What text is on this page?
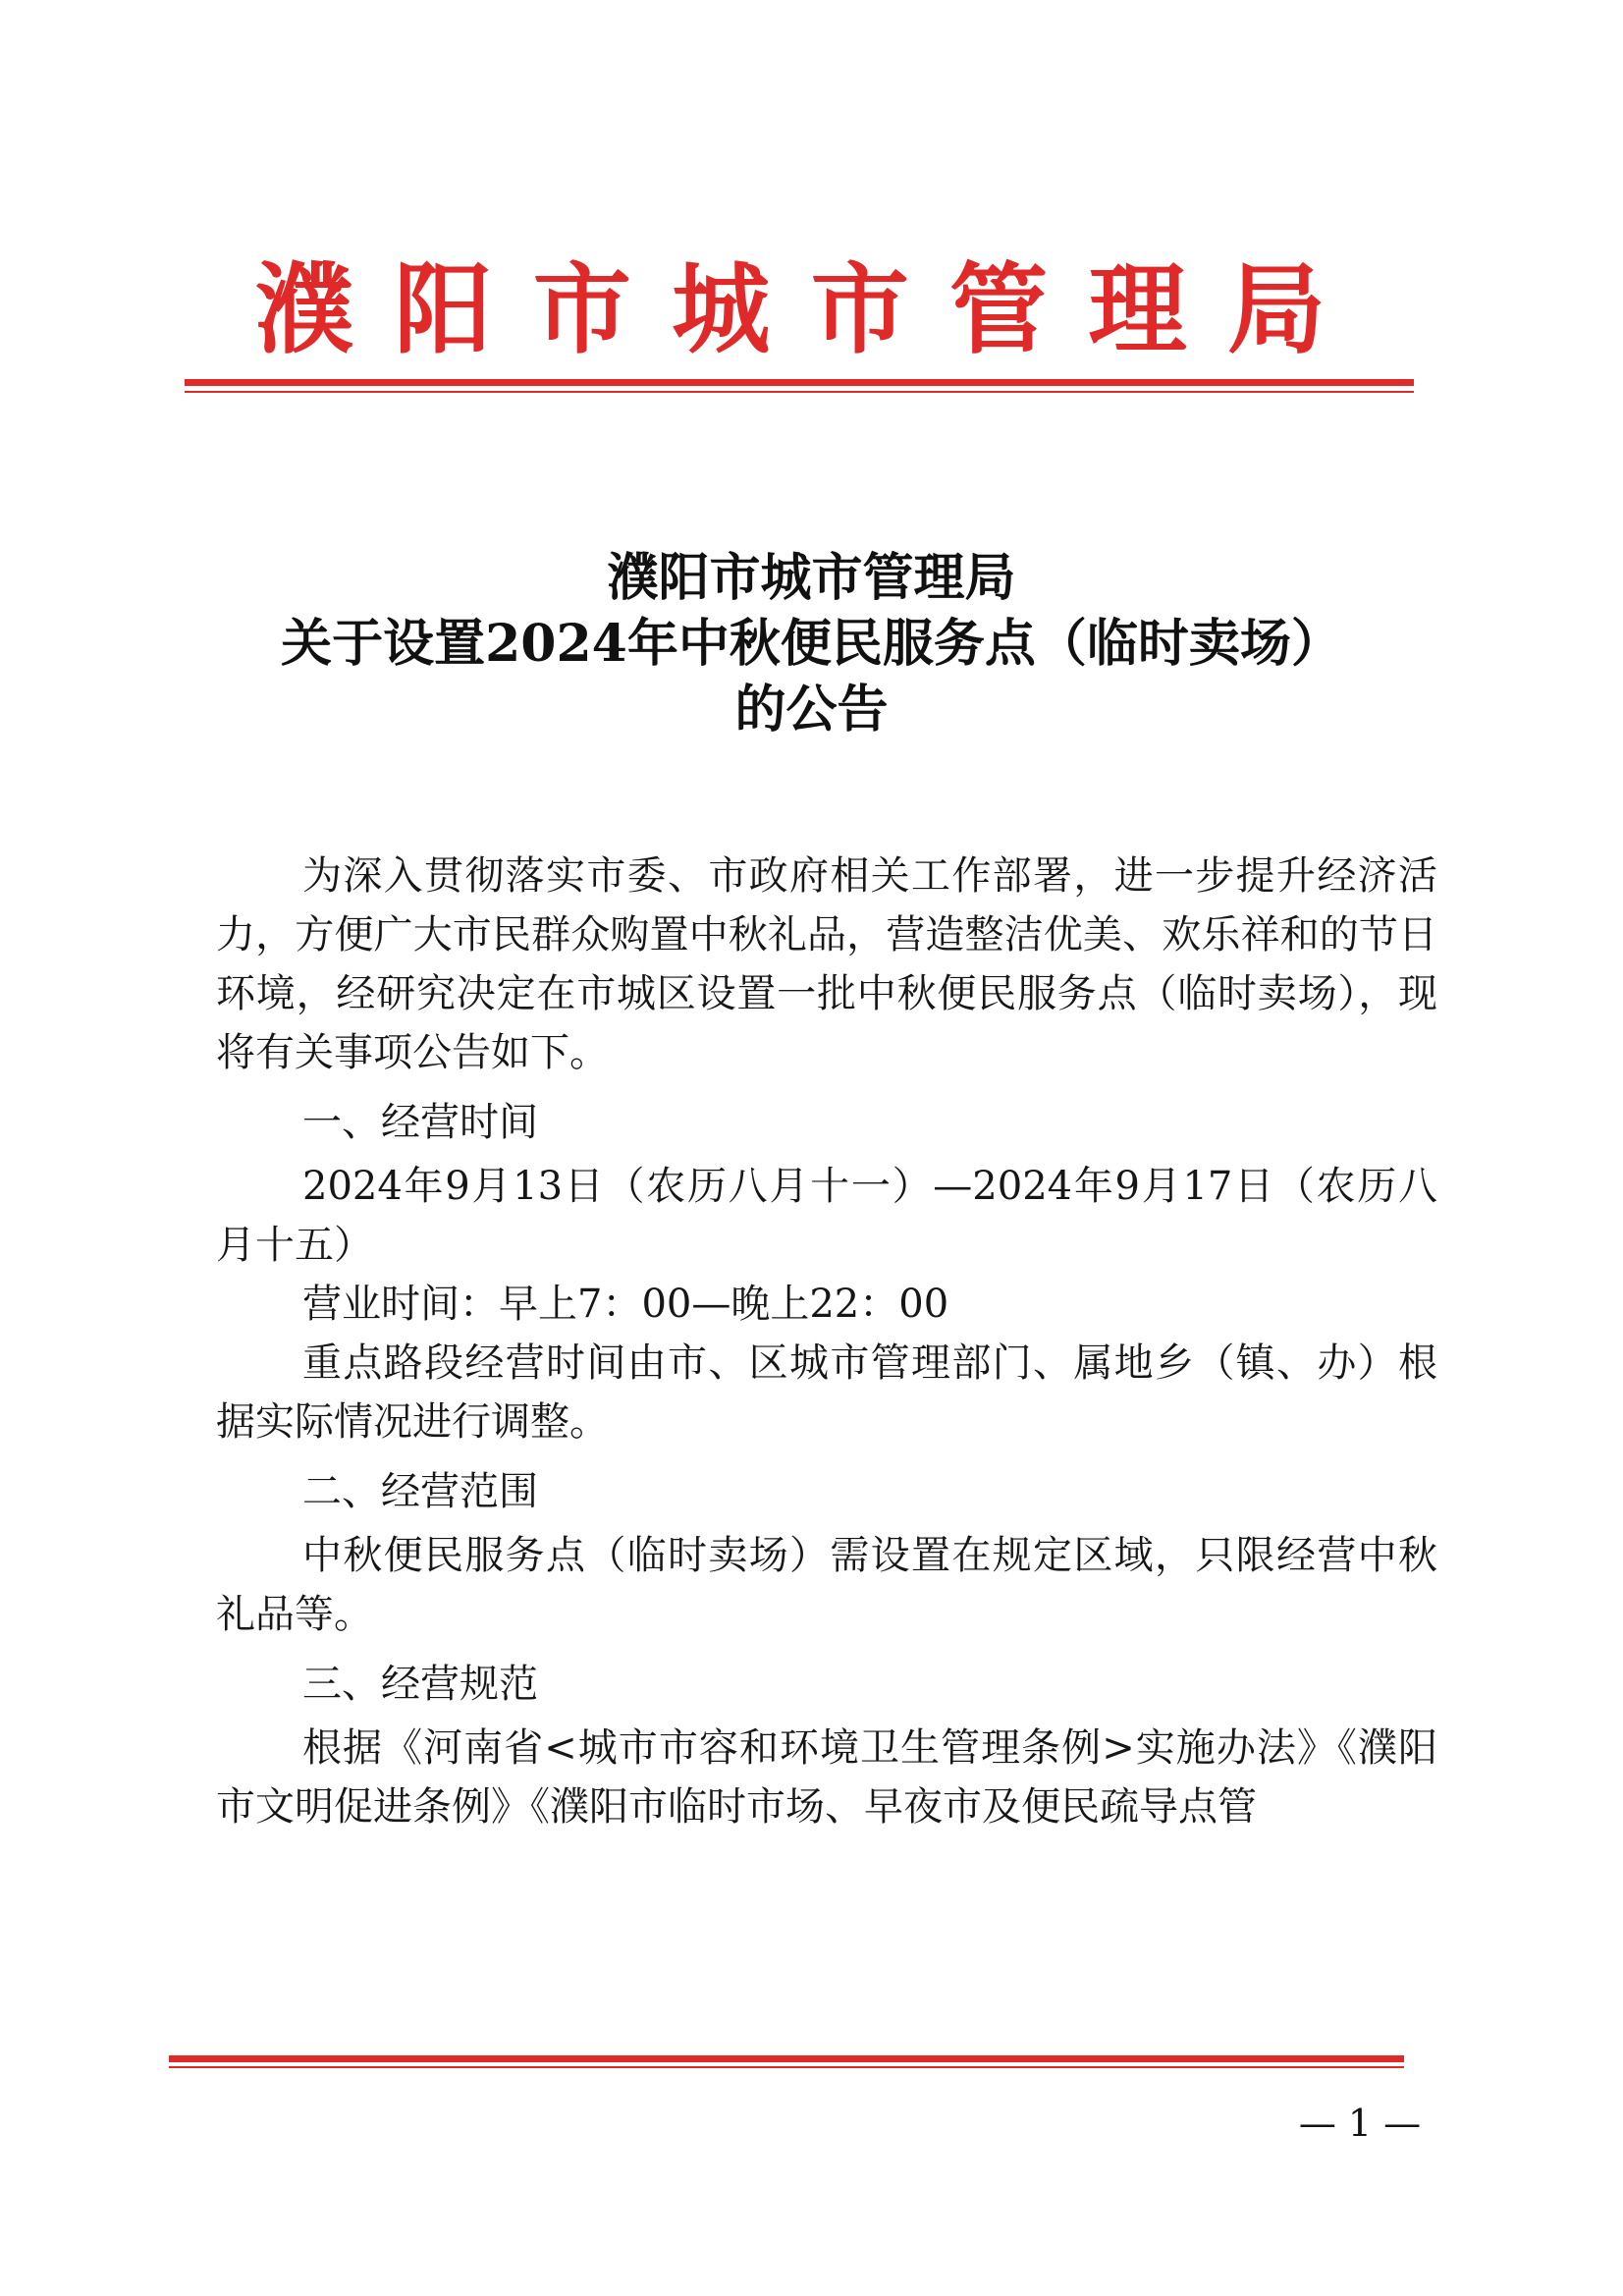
濮 阳 市 城 市 管 理 局
濮阳市城市管理局
关于设置2024年中秋便民服务点（临时卖场）
的公告

为深入贯彻落实市委、市政府相关工作部署，进一步提升经济活力，方便广大市民群众购置中秋礼品，营造整洁优美、欢乐祥和的节日环境，经研究决定在市城区设置一批中秋便民服务点（临时卖场），现将有关事项公告如下。

一、经营时间

2024年9月13日（农历八月十一）—2024年9月17日（农历八月十五）

营业时间：早上7：00—晚上22：00

重点路段经营时间由市、区城市管理部门、属地乡（镇、办）根据实际情况进行调整。

二、经营范围

中秋便民服务点（临时卖场）需设置在规定区域，只限经营中秋礼品等。

三、经营规范

根据《河南省<城市市容和环境卫生管理条例>实施办法》《濮阳市文明促进条例》《濮阳市临时市场、早夜市及便民疏导点管

— 1 —
